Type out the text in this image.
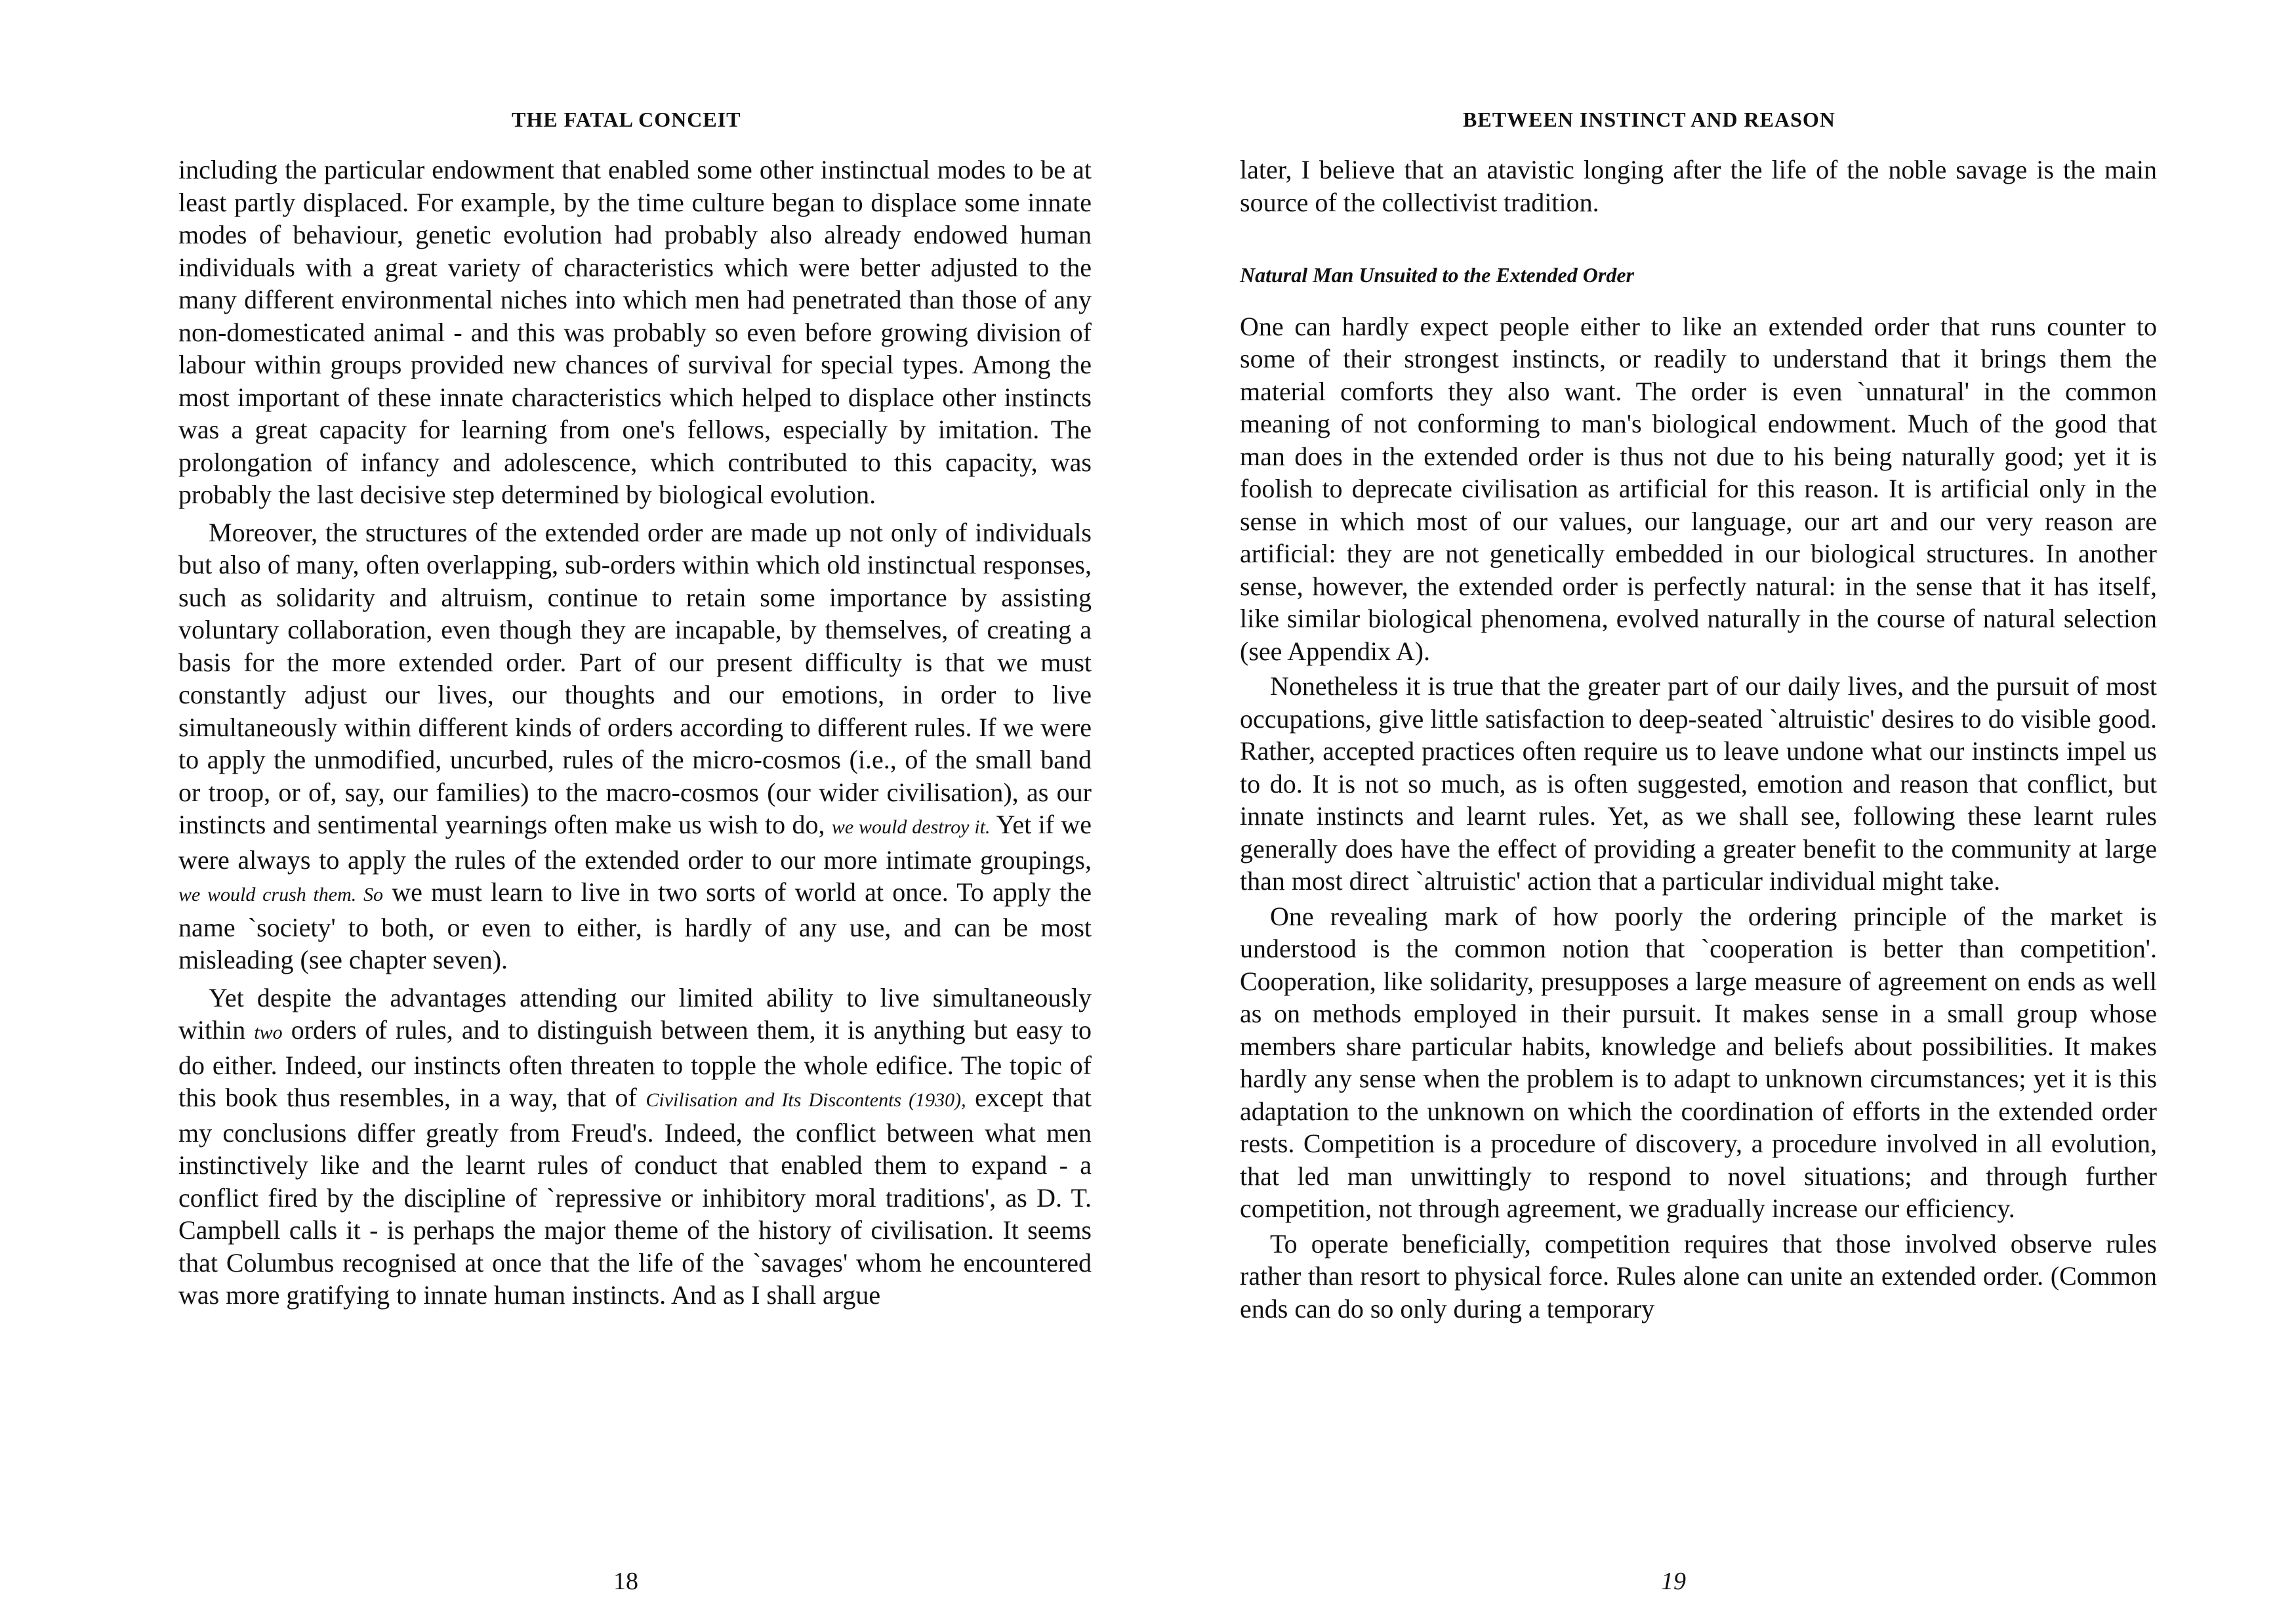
THE FATAL CONCEIT

including the particular endowment that enabled some other instinctual modes to be at least partly displaced. For example, by the time culture began to displace some innate modes of behaviour, genetic evolution had probably also already endowed human individuals with a great variety of characteristics which were better adjusted to the many different environmental niches into which men had penetrated than those of any non-domesticated animal - and this was probably so even before growing division of labour within groups provided new chances of survival for special types. Among the most important of these innate characteristics which helped to displace other instincts was a great capacity for learning from one's fellows, especially by imitation. The prolongation of infancy and adolescence, which contributed to this capacity, was probably the last decisive step determined by biological evolution.

Moreover, the structures of the extended order are made up not only of individuals but also of many, often overlapping, sub-orders within which old instinctual responses, such as solidarity and altruism, continue to retain some importance by assisting voluntary collaboration, even though they are incapable, by themselves, of creating a basis for the more extended order. Part of our present difficulty is that we must constantly adjust our lives, our thoughts and our emotions, in order to live simultaneously within different kinds of orders according to different rules. If we were to apply the unmodified, uncurbed, rules of the micro-cosmos (i.e., of the small band or troop, or of, say, our families) to the macro-cosmos (our wider civilisation), as our instincts and sentimental yearnings often make us wish to do, we would destroy it. Yet if we were always to apply the rules of the extended order to our more intimate groupings, we would crush them. So we must learn to live in two sorts of world at once. To apply the name `society' to both, or even to either, is hardly of any use, and can be most misleading (see chapter seven).

Yet despite the advantages attending our limited ability to live simultaneously within two orders of rules, and to distinguish between them, it is anything but easy to do either. Indeed, our instincts often threaten to topple the whole edifice. The topic of this book thus resembles, in a way, that of Civilisation and Its Discontents (1930), except that my conclusions differ greatly from Freud's. Indeed, the conflict between what men instinctively like and the learnt rules of conduct that enabled them to expand - a conflict fired by the discipline of `repressive or inhibitory moral traditions', as D. T. Campbell calls it - is perhaps the major theme of the history of civilisation. It seems that Columbus recognised at once that the life of the `savages' whom he encountered was more gratifying to innate human instincts. And as I shall argue

18

BETWEEN INSTINCT AND REASON

later, I believe that an atavistic longing after the life of the noble savage is the main source of the collectivist tradition.

Natural Man Unsuited to the Extended Order

One can hardly expect people either to like an extended order that runs counter to some of their strongest instincts, or readily to understand that it brings them the material comforts they also want. The order is even `unnatural' in the common meaning of not conforming to man's biological endowment. Much of the good that man does in the extended order is thus not due to his being naturally good; yet it is foolish to deprecate civilisation as artificial for this reason. It is artificial only in the sense in which most of our values, our language, our art and our very reason are artificial: they are not genetically embedded in our biological structures. In another sense, however, the extended order is perfectly natural: in the sense that it has itself, like similar biological phenomena, evolved naturally in the course of natural selection (see Appendix A).

Nonetheless it is true that the greater part of our daily lives, and the pursuit of most occupations, give little satisfaction to deep-seated `altruistic' desires to do visible good. Rather, accepted practices often require us to leave undone what our instincts impel us to do. It is not so much, as is often suggested, emotion and reason that conflict, but innate instincts and learnt rules. Yet, as we shall see, following these learnt rules generally does have the effect of providing a greater benefit to the community at large than most direct `altruistic' action that a particular individual might take.

One revealing mark of how poorly the ordering principle of the market is understood is the common notion that `cooperation is better than competition'. Cooperation, like solidarity, presupposes a large measure of agreement on ends as well as on methods employed in their pursuit. It makes sense in a small group whose members share particular habits, knowledge and beliefs about possibilities. It makes hardly any sense when the problem is to adapt to unknown circumstances; yet it is this adaptation to the unknown on which the coordination of efforts in the extended order rests. Competition is a procedure of discovery, a procedure involved in all evolution, that led man unwittingly to respond to novel situations; and through further competition, not through agreement, we gradually increase our efficiency.

To operate beneficially, competition requires that those involved observe rules rather than resort to physical force. Rules alone can unite an extended order. (Common ends can do so only during a temporary

19
